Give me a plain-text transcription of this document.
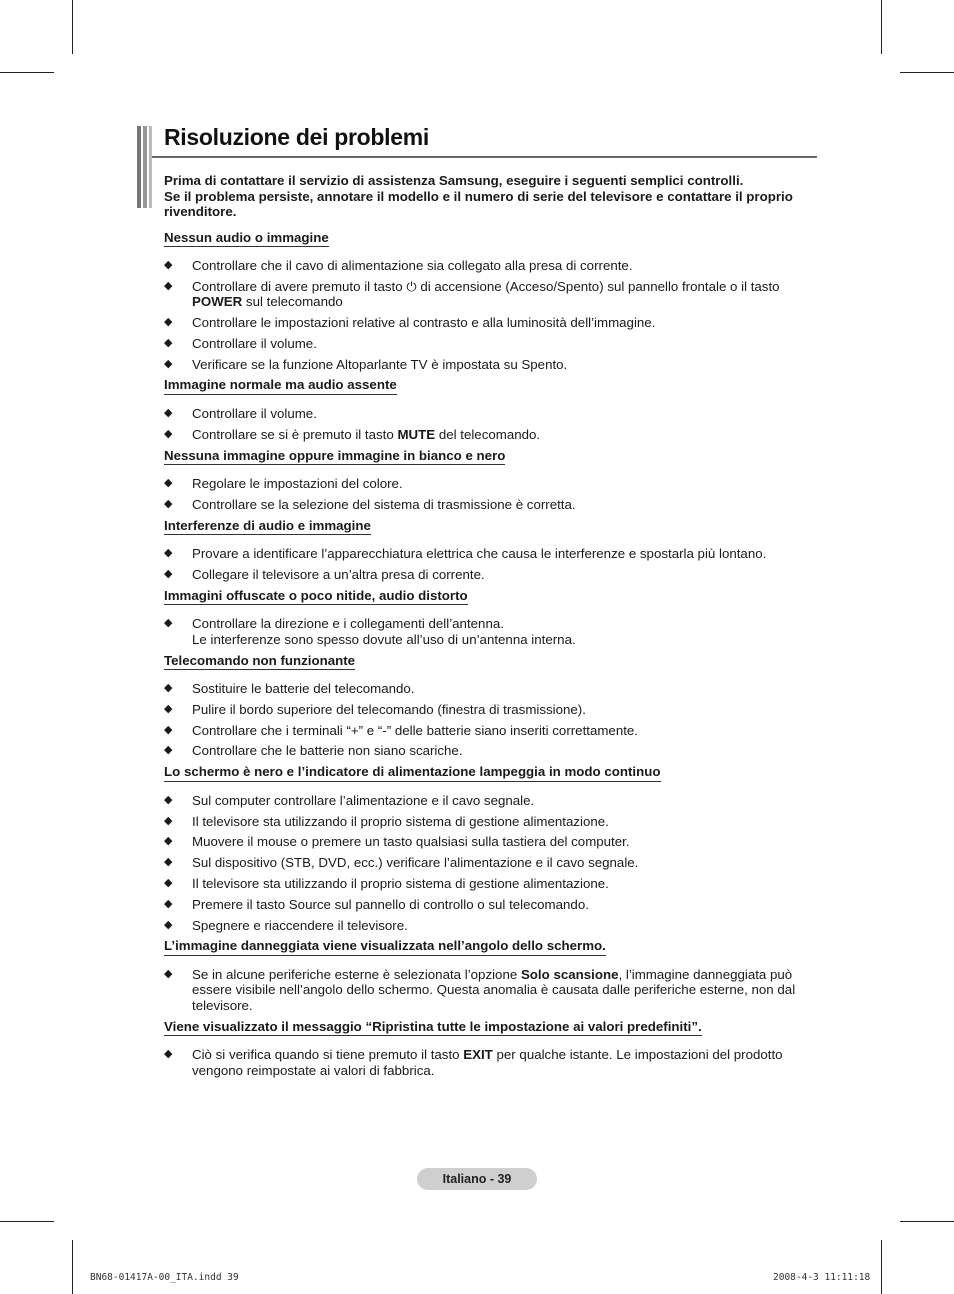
Risoluzione dei problemi

Prima di contattare il servizio di assistenza Samsung, eseguire i seguenti semplici controlli.

Se il problema persiste, annotare il modello e il numero di serie del televisore e contattare il proprio rivenditore.

Nessun audio o immagine
◆ Controllare che il cavo di alimentazione sia collegato alla presa di corrente.
◆ Controllare di avere premuto il tasto ⏻ di accensione (Acceso/Spento) sul pannello frontale o il tasto POWER sul telecomando
◆ Controllare le impostazioni relative al contrasto e alla luminosità dell’immagine.
◆ Controllare il volume.
◆ Verificare se la funzione Altoparlante TV è impostata su Spento.
Immagine normale ma audio assente
◆ Controllare il volume.
◆ Controllare se si è premuto il tasto MUTE del telecomando.
Nessuna immagine oppure immagine in bianco e nero
◆ Regolare le impostazioni del colore.
◆ Controllare se la selezione del sistema di trasmissione è corretta.
Interferenze di audio e immagine
◆ Provare a identificare l’apparecchiatura elettrica che causa le interferenze e spostarla più lontano.
◆ Collegare il televisore a un’altra presa di corrente.
Immagini offuscate o poco nitide, audio distorto
◆ Controllare la direzione e i collegamenti dell’antenna.
Le interferenze sono spesso dovute all’uso di un’antenna interna.
Telecomando non funzionante
◆ Sostituire le batterie del telecomando.
◆ Pulire il bordo superiore del telecomando (finestra di trasmissione).
◆ Controllare che i terminali “+” e “-” delle batterie siano inseriti correttamente.
◆ Controllare che le batterie non siano scariche.
Lo schermo è nero e l’indicatore di alimentazione lampeggia in modo continuo
◆ Sul computer controllare l’alimentazione e il cavo segnale.
◆ Il televisore sta utilizzando il proprio sistema di gestione alimentazione.
◆ Muovere il mouse o premere un tasto qualsiasi sulla tastiera del computer.
◆ Sul dispositivo (STB, DVD, ecc.) verificare l’alimentazione e il cavo segnale.
◆ Il televisore sta utilizzando il proprio sistema di gestione alimentazione.
◆ Premere il tasto Source sul pannello di controllo o sul telecomando.
◆ Spegnere e riaccendere il televisore.
L’immagine danneggiata viene visualizzata nell’angolo dello schermo.
◆ Se in alcune periferiche esterne è selezionata l’opzione Solo scansione, l’immagine danneggiata può essere visibile nell’angolo dello schermo. Questa anomalia è causata dalle periferiche esterne, non dal televisore.
Viene visualizzato il messaggio “Ripristina tutte le impostazione ai valori predefiniti”.
◆ Ciò si verifica quando si tiene premuto il tasto EXIT per qualche istante. Le impostazioni del prodotto vengono reimpostate ai valori di fabbrica.
Italiano - 39
BN68-01417A-00_ITA.indd 39	2008-4-3 11:11:18
